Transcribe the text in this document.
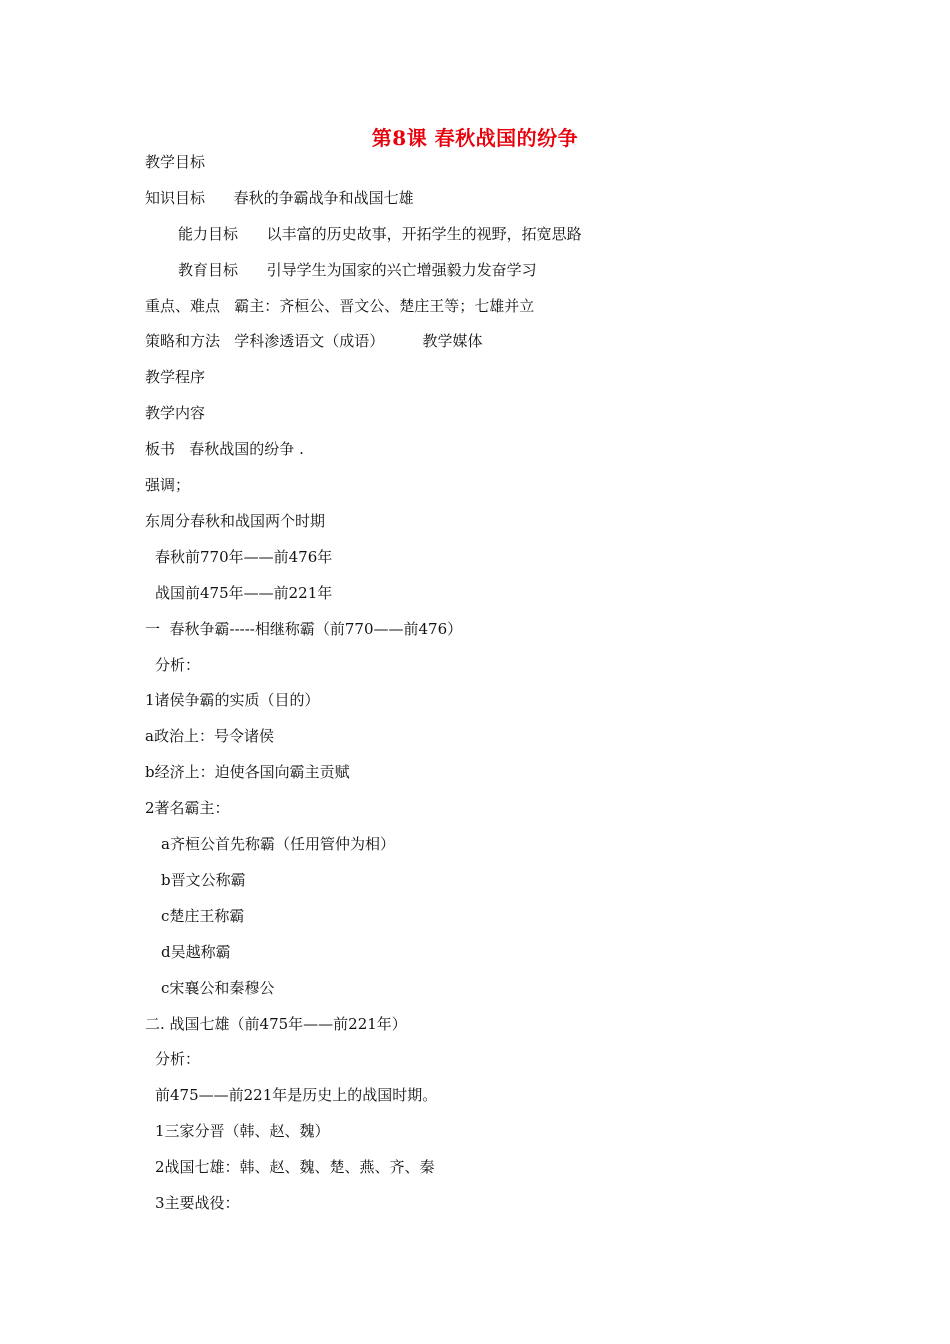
第8课 春秋战国的纷争
教学目标
知识目标      春秋的争霸战争和战国七雄
能力目标      以丰富的历史故事，开拓学生的视野，拓宽思路
教育目标      引导学生为国家的兴亡增强毅力发奋学习
重点、难点   霸主：齐桓公、晋文公、楚庄王等；七雄并立
策略和方法   学科渗透语文（成语）        教学媒体
教学程序
教学内容
板书   春秋战国的纷争 .
强调；
东周分春秋和战国两个时期
春秋前770年——前476年
战国前475年——前221年
一  春秋争霸-----相继称霸（前770——前476）
分析：
1诸侯争霸的实质（目的）
a政治上：号令诸侯
b经济上：迫使各国向霸主贡赋
2著名霸主：
a齐桓公首先称霸（任用管仲为相）
b晋文公称霸
c楚庄王称霸
d吴越称霸
c宋襄公和秦穆公
二. 战国七雄（前475年——前221年）
分析：
前475——前221年是历史上的战国时期。
1三家分晋（韩、赵、魏）
2战国七雄：韩、赵、魏、楚、燕、齐、秦
3主要战役：
